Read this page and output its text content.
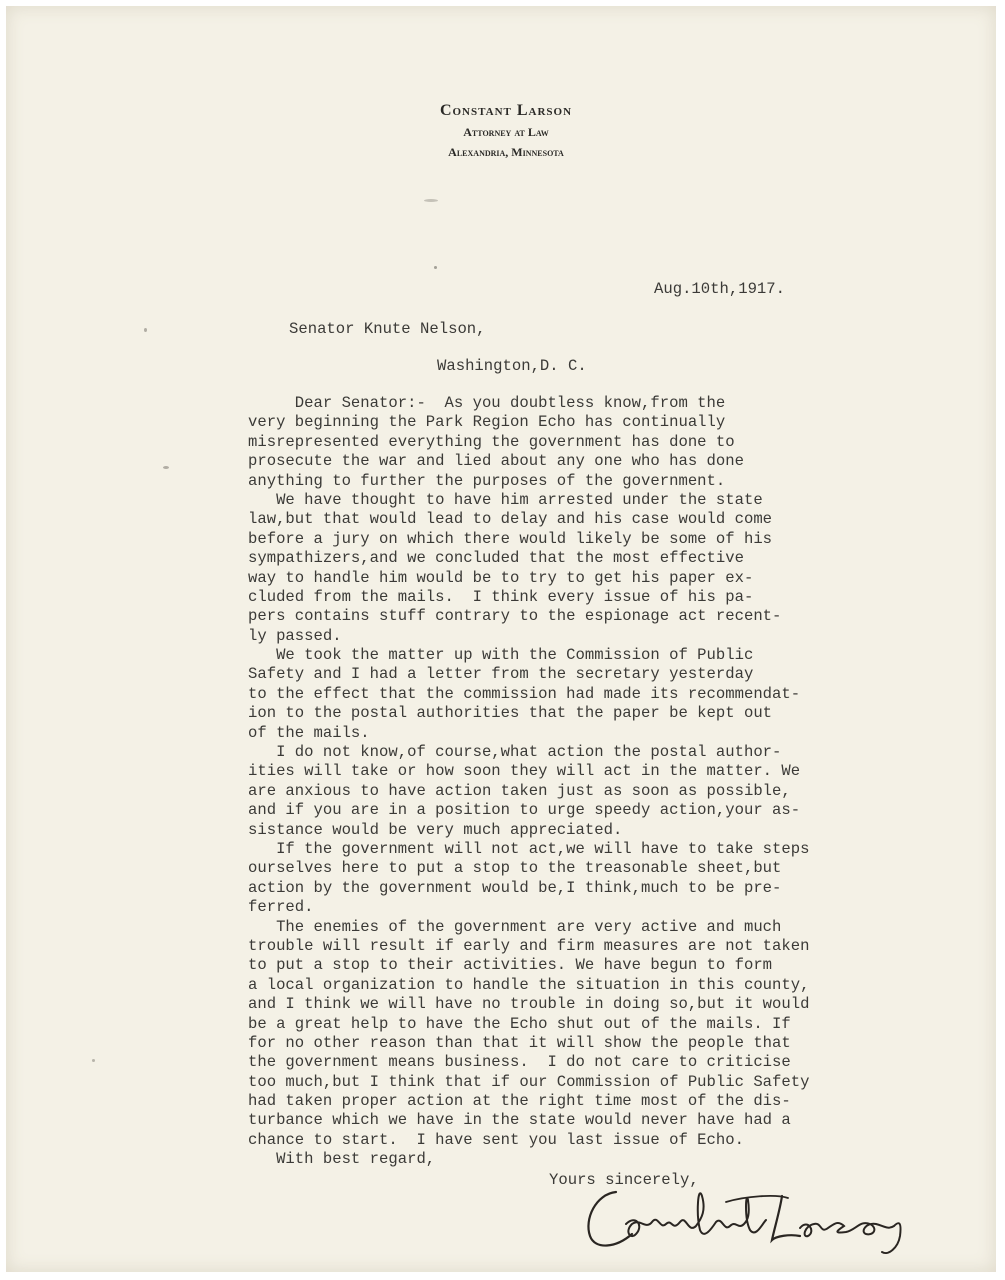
Constant Larson
Attorney at Law
Alexandria, Minnesota
Aug.10th,1917.
Senator Knute Nelson,
Washington,D. C.
Dear Senator:-  As you doubtless know,from the
very beginning the Park Region Echo has continually
misrepresented everything the government has done to
prosecute the war and lied about any one who has done
anything to further the purposes of the government.
We have thought to have him arrested under the state
law,but that would lead to delay and his case would come
before a jury on which there would likely be some of his
sympathizers,and we concluded that the most effective
way to handle him would be to try to get his paper ex-
cluded from the mails.  I think every issue of his pa-
pers contains stuff contrary to the espionage act recent-
ly passed.
We took the matter up with the Commission of Public
Safety and I had a letter from the secretary yesterday
to the effect that the commission had made its recommendat-
ion to the postal authorities that the paper be kept out
of the mails.
I do not know,of course,what action the postal author-
ities will take or how soon they will act in the matter. We
are anxious to have action taken just as soon as possible,
and if you are in a position to urge speedy action,your as-
sistance would be very much appreciated.
If the government will not act,we will have to take steps
ourselves here to put a stop to the treasonable sheet,but
action by the government would be,I think,much to be pre-
ferred.
The enemies of the government are very active and much
trouble will result if early and firm measures are not taken
to put a stop to their activities. We have begun to form
a local organization to handle the situation in this county,
and I think we will have no trouble in doing so,but it would
be a great help to have the Echo shut out of the mails. If
for no other reason than that it will show the people that
the government means business.  I do not care to criticise
too much,but I think that if our Commission of Public Safety
had taken proper action at the right time most of the dis-
turbance which we have in the state would never have had a
chance to start.  I have sent you last issue of Echo.
With best regard,
Yours sincerely,
